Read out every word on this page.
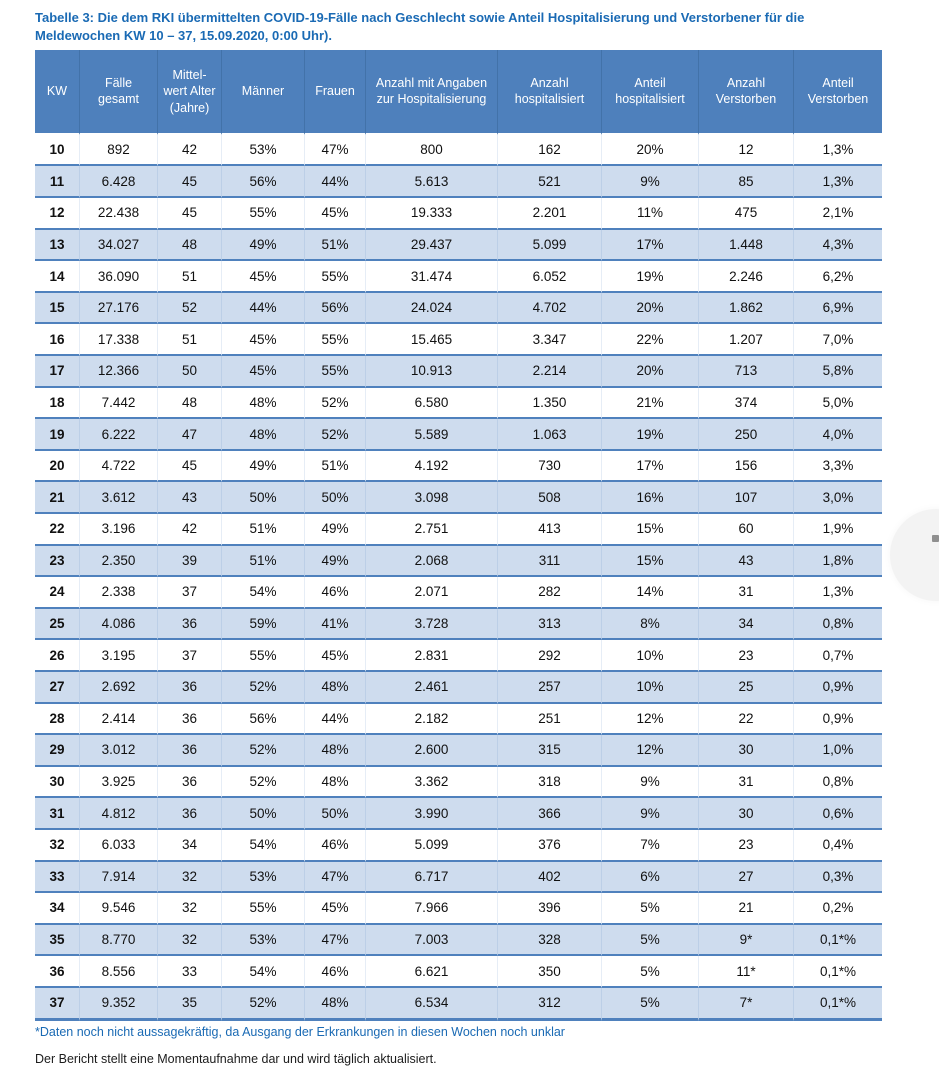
Tabelle 3: Die dem RKI übermittelten COVID-19-Fälle nach Geschlecht sowie Anteil Hospitalisierung und Verstorbener für die Meldewochen KW 10 – 37, 15.09.2020, 0:00 Uhr).
KW	Fälle gesamt	Mittel-wert Alter (Jahre)	Männer	Frauen	Anzahl mit Angaben zur Hospitalisierung	Anzahl hospitalisiert	Anteil hospitalisiert	Anzahl Verstorben	Anteil Verstorben
10	892	42	53%	47%	800	162	20%	12	1,3%
11	6.428	45	56%	44%	5.613	521	9%	85	1,3%
12	22.438	45	55%	45%	19.333	2.201	11%	475	2,1%
13	34.027	48	49%	51%	29.437	5.099	17%	1.448	4,3%
14	36.090	51	45%	55%	31.474	6.052	19%	2.246	6,2%
15	27.176	52	44%	56%	24.024	4.702	20%	1.862	6,9%
16	17.338	51	45%	55%	15.465	3.347	22%	1.207	7,0%
17	12.366	50	45%	55%	10.913	2.214	20%	713	5,8%
18	7.442	48	48%	52%	6.580	1.350	21%	374	5,0%
19	6.222	47	48%	52%	5.589	1.063	19%	250	4,0%
20	4.722	45	49%	51%	4.192	730	17%	156	3,3%
21	3.612	43	50%	50%	3.098	508	16%	107	3,0%
22	3.196	42	51%	49%	2.751	413	15%	60	1,9%
23	2.350	39	51%	49%	2.068	311	15%	43	1,8%
24	2.338	37	54%	46%	2.071	282	14%	31	1,3%
25	4.086	36	59%	41%	3.728	313	8%	34	0,8%
26	3.195	37	55%	45%	2.831	292	10%	23	0,7%
27	2.692	36	52%	48%	2.461	257	10%	25	0,9%
28	2.414	36	56%	44%	2.182	251	12%	22	0,9%
29	3.012	36	52%	48%	2.600	315	12%	30	1,0%
30	3.925	36	52%	48%	3.362	318	9%	31	0,8%
31	4.812	36	50%	50%	3.990	366	9%	30	0,6%
32	6.033	34	54%	46%	5.099	376	7%	23	0,4%
33	7.914	32	53%	47%	6.717	402	6%	27	0,3%
34	9.546	32	55%	45%	7.966	396	5%	21	0,2%
35	8.770	32	53%	47%	7.003	328	5%	9*	0,1*%
36	8.556	33	54%	46%	6.621	350	5%	11*	0,1*%
37	9.352	35	52%	48%	6.534	312	5%	7*	0,1*%
*Daten noch nicht aussagekräftig, da Ausgang der Erkrankungen in diesen Wochen noch unklar
Der Bericht stellt eine Momentaufnahme dar und wird täglich aktualisiert.
